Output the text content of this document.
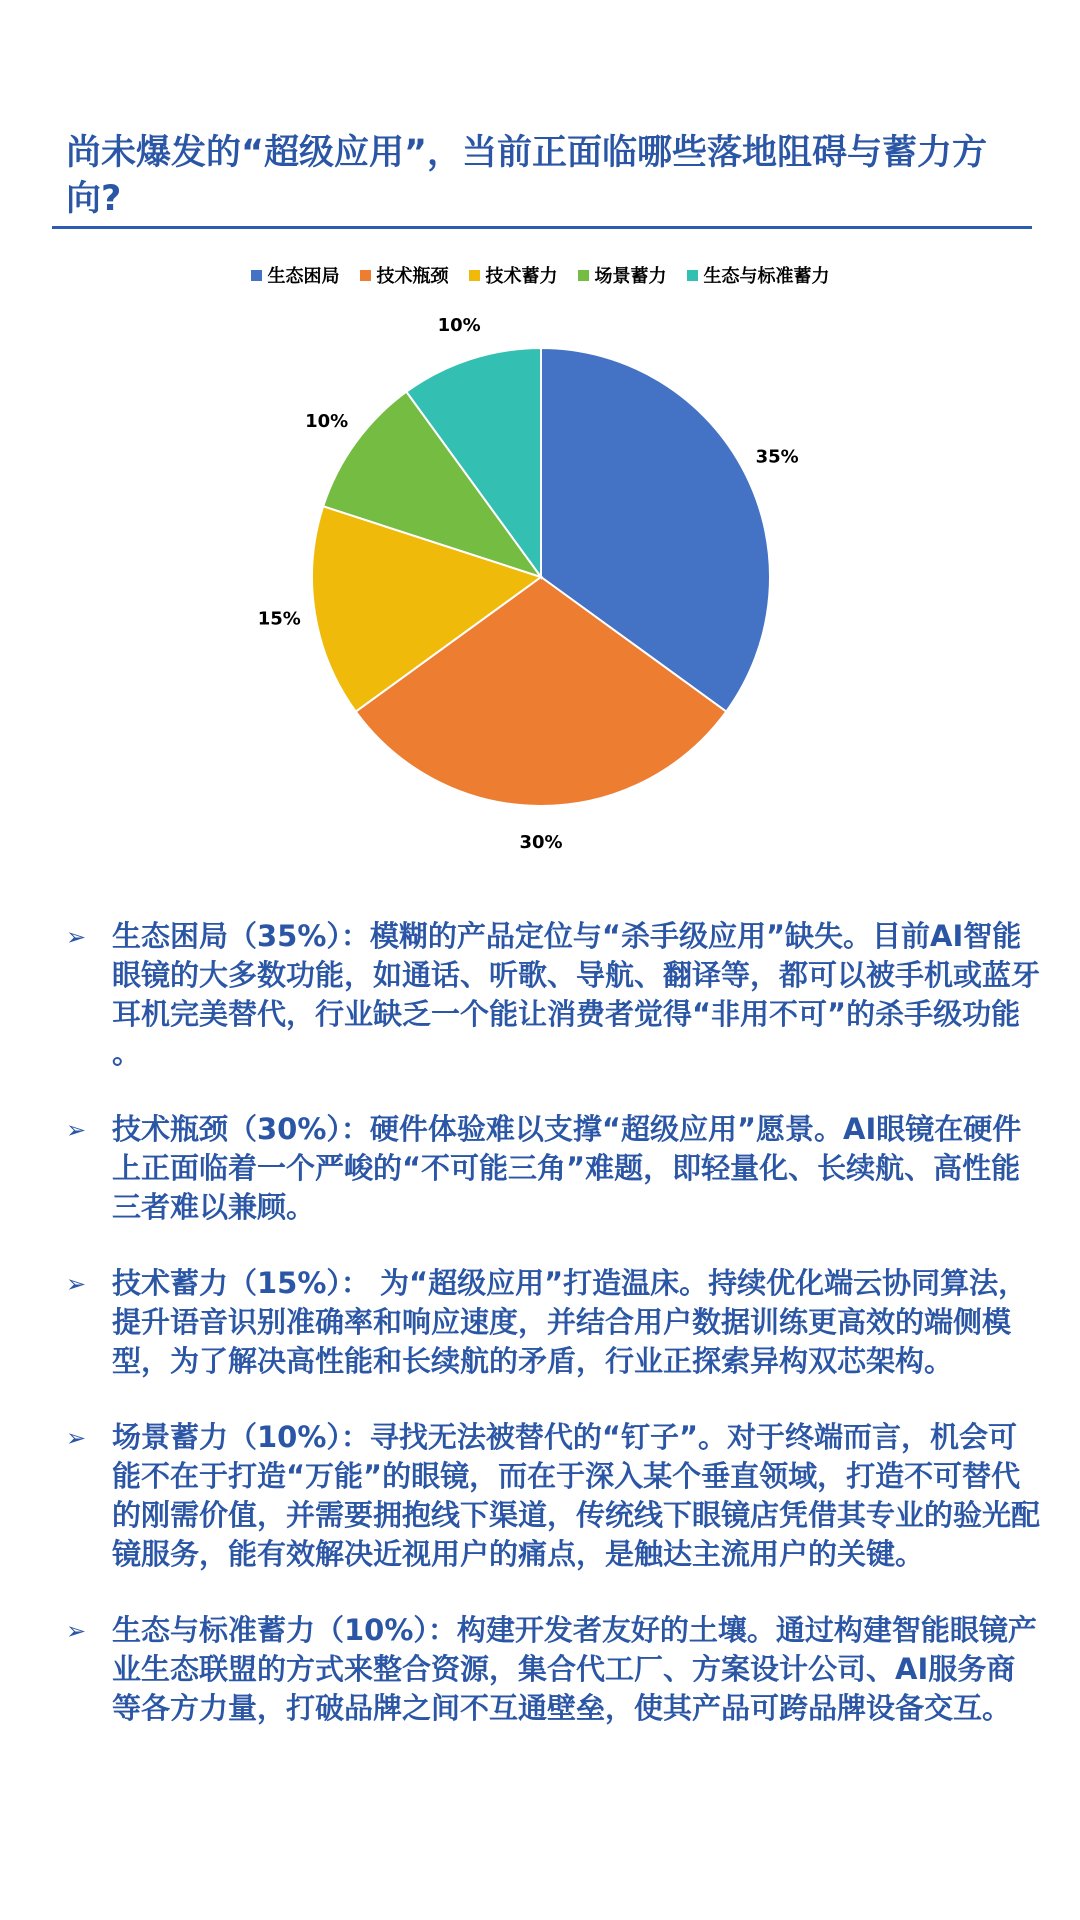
尚未爆发的“超级应用”，当前正面临哪些落地阻碍与蓄力方向?
生态困局 技术瓶颈 技术蓄力 场景蓄力 生态与标准蓄力
35%
30%
15%
10%
10%
➢ 生态困局（35%）：模糊的产品定位与“杀手级应用”缺失。目前AI智能眼镜的大多数功能，如通话、听歌、导航、翻译等，都可以被手机或蓝牙耳机完美替代，行业缺乏一个能让消费者觉得“非用不可”的杀手级功能 。
➢ 技术瓶颈（30%）：硬件体验难以支撑“超级应用”愿景。AI眼镜在硬件上正面临着一个严峻的“不可能三角”难题，即轻量化、长续航、高性能三者难以兼顾。
➢ 技术蓄力（15%）： 为“超级应用”打造温床。持续优化端云协同算法，提升语音识别准确率和响应速度，并结合用户数据训练更高效的端侧模型，为了解决高性能和长续航的矛盾，行业正探索异构双芯架构。
➢ 场景蓄力（10%）：寻找无法被替代的“钉子”。对于终端而言，机会可能不在于打造“万能”的眼镜，而在于深入某个垂直领域，打造不可替代的刚需价值，并需要拥抱线下渠道，传统线下眼镜店凭借其专业的验光配镜服务，能有效解决近视用户的痛点，是触达主流用户的关键。
➢ 生态与标准蓄力（10%）：构建开发者友好的土壤。通过构建智能眼镜产业生态联盟的方式来整合资源，集合代工厂、方案设计公司、AI服务商等各方力量，打破品牌之间不互通壁垒，使其产品可跨品牌设备交互。
